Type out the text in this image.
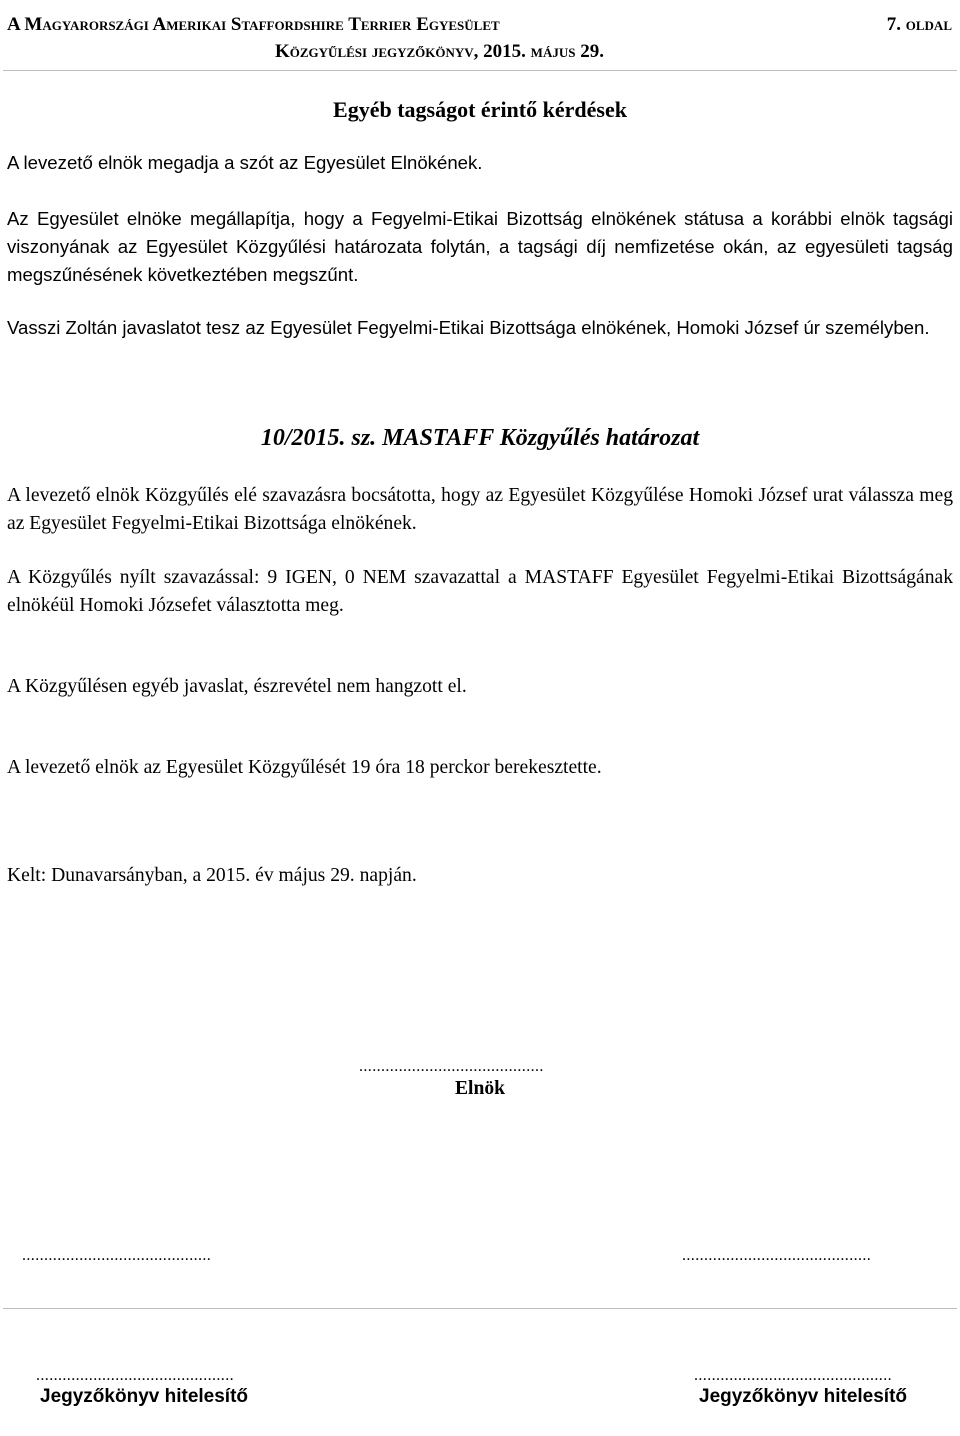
A Magyarországi Amerikai Staffordshire Terrier Egyesület	7. oldal
Közgyűlési jegyzőkönyv, 2015. május 29.
Egyéb tagságot érintő kérdések

A levezető elnök megadja a szót az Egyesület Elnökének.

Az Egyesület elnöke megállapítja, hogy a Fegyelmi-Etikai Bizottság elnökének státusa a korábbi elnök tagsági viszonyának az Egyesület Közgyűlési határozata folytán, a tagsági díj nemfizetése okán, az egyesületi tagság megszűnésének következtében megszűnt.

Vasszi Zoltán javaslatot tesz az Egyesület Fegyelmi-Etikai Bizottsága elnökének, Homoki József úr személyben.

10/2015. sz. MASTAFF Közgyűlés határozat

A levezető elnök Közgyűlés elé szavazásra bocsátotta, hogy az Egyesület Közgyűlése Homoki József urat válassza meg az Egyesület Fegyelmi-Etikai Bizottsága elnökének.

A Közgyűlés nyílt szavazással: 9 IGEN, 0 NEM szavazattal a MASTAFF Egyesület Fegyelmi-Etikai Bizottságának elnökéül Homoki Józsefet választotta meg.

A Közgyűlésen egyéb javaslat, észrevétel nem hangzott el.

A levezető elnök az Egyesület Közgyűlését 19 óra 18 perckor berekesztette.

Kelt: Dunavarsányban, a 2015. év május 29. napján.

..........................................
Elnök
...........................................	...........................................
.............................................
Jegyzőkönyv hitelesítő
.............................................
Jegyzőkönyv hitelesítő
